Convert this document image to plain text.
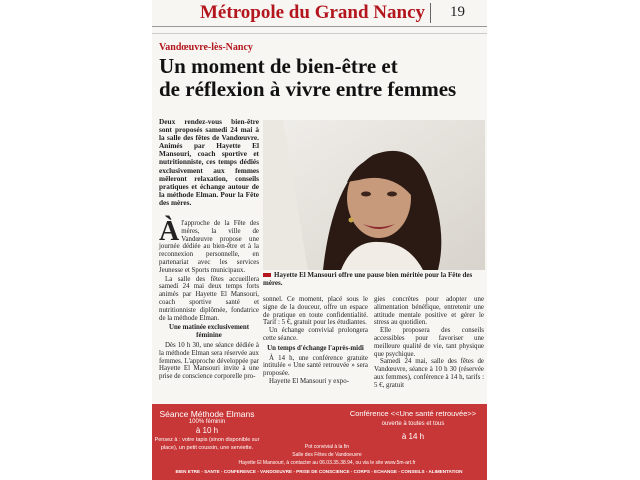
Métropole du Grand Nancy 19
Vandœuvre-lès-Nancy
Un moment de bien-être et
de réflexion à vivre entre femmes
Deux rendez-vous bien-être sont proposés samedi 24 mai à la salle des fêtes de Vandœuvre. Animés par Hayette El Mansouri, coach sportive et nutritionniste, ces temps dédiés exclusivement aux femmes mêleront relaxation, conseils pratiques et échange autour de la méthode Elman. Pour la Fête des mères.
Àl'approche de la Fête des mères, la ville de Vandœuvre propose une journée dédiée au bien-être et à la reconnexion personnelle, en partenariat avec les services Jeunesse et Sports municipaux.
La salle des fêtes accueillera samedi 24 mai deux temps forts animés par Hayette El Mansouri, coach sportive santé et nutritionniste diplômée, fondatrice de la méthode Elman.
Une matinée exclusivement féminine
Dès 10 h 30, une séance dédiée à la méthode Elman sera réservée aux femmes. L'approche développée par Hayette El Mansouri invite à une prise de conscience corporelle pro-
Hayette El Mansouri offre une pause bien méritée pour la Fête des mères.
sonnel. Ce moment, placé sous le signe de la douceur, offre un espace de pratique en toute confidentialité. Tarif : 5 €, gratuit pour les étudiantes.
Un échange convivial prolongera cette séance.
Un temps d'échange l'après-midi
À 14 h, une conférence gratuite intitulée « Une santé retrouvée » sera proposée.
Hayette El Mansouri y expo-
gies concrètes pour adopter une alimentation bénéfique, entretenir une attitude mentale positive et gérer le stress au quotidien.
Elle proposera des conseils accessibles pour favoriser une meilleure qualité de vie, tant physique que psychique.
Samedi 24 mai, salle des fêtes de Vandœuvre, séance à 10 h 30 (réservée aux femmes), conférence à 14 h, tarifs : 5 €, gratuit
Séance Méthode Elmans
100% féminin
à 10 h
Pensez à : votre tapis (sinon disponible sur
place), un petit coussin, une serviette.
Conférence <<Une santé retrouvée>>
ouverte à toutes et tous
à 14 h
Pot convivial à la fin
Salle des Fêtes de Vandoeuvre
Hayette El Mansouri, à contacter au 06.03.35.38.94, ou via le site www.5m-art.fr
BIEN ETRE - SANTE - CONFERENCE - VANDOEUVRE - PRISE DE CONSCIENCE - CORPS - ECHANGE - CONSEILS - ALIMENTATION
